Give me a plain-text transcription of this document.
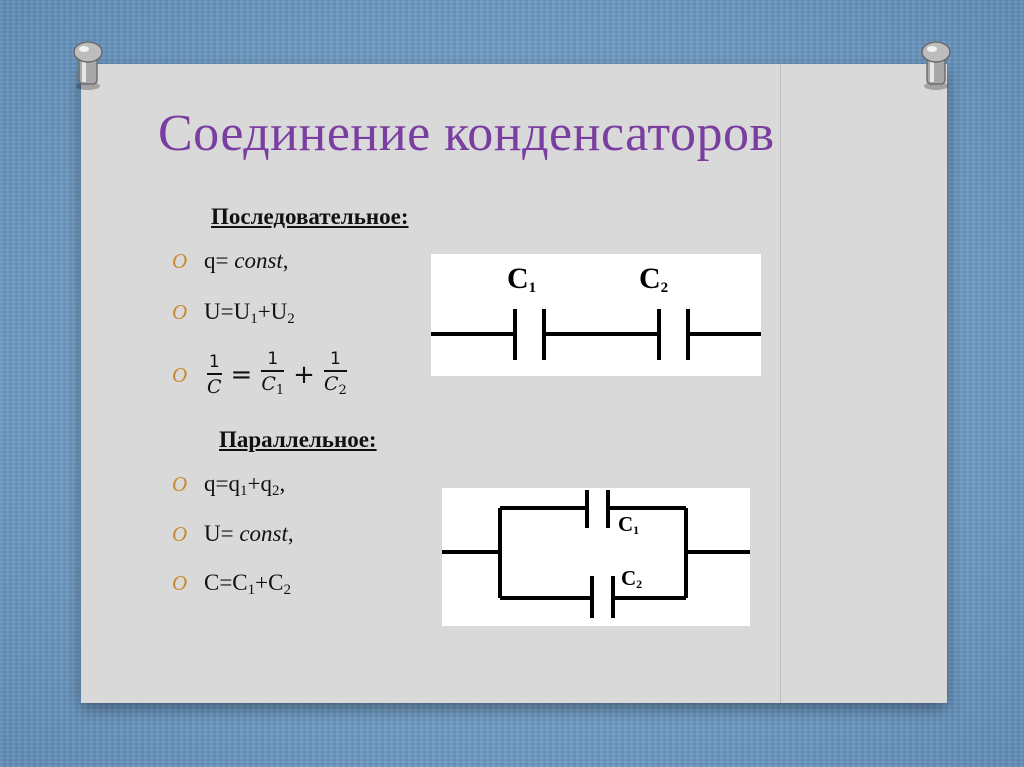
Соединение конденсаторов
Последовательное:
O q= const,
O $U=U_1+U_2$
O	$\frac{1}{C} = \frac{1}{C_1} + \frac{1}{C_2}$
C1	C2
Параллельное:
O $q=q_1+q_2$,
O U= const,
O $C=C_1+C_2$
C1
C2
